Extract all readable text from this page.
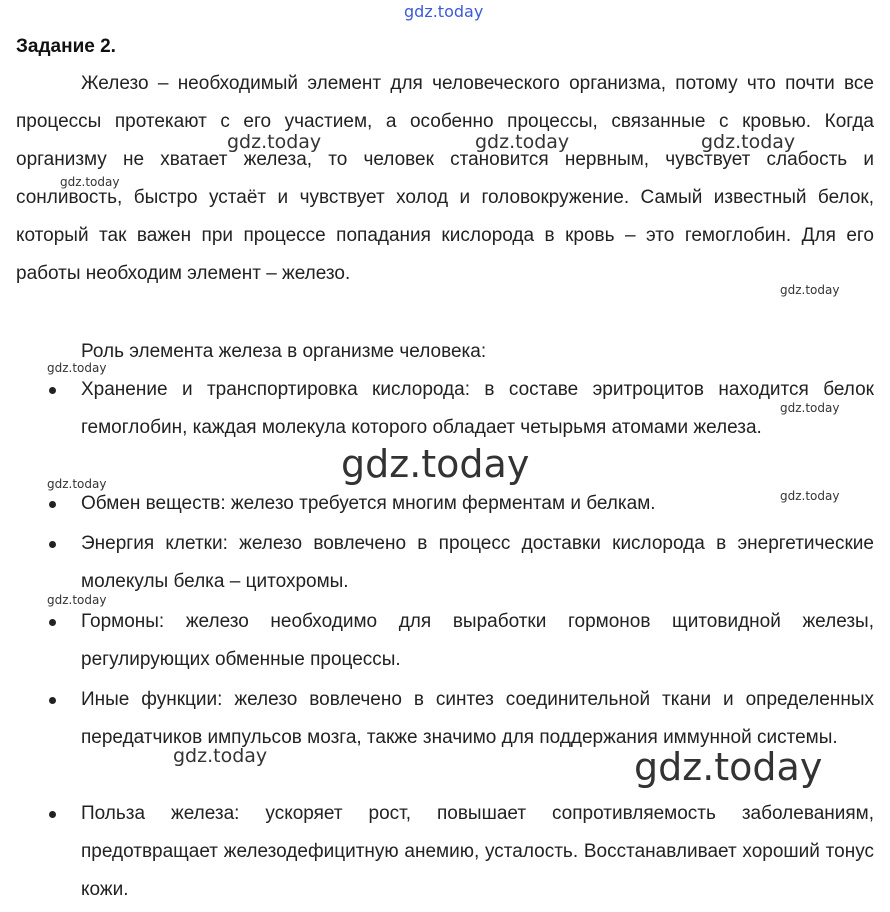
Задание 2.

Железо – необходимый элемент для человеческого организма, потому что почти все процессы протекают с его участием, а особенно процессы, связанные с кровью. Когда организму не хватает железа, то человек становится нервным, чувствует слабость и сонливость, быстро устаёт и чувствует холод и головокружение. Самый известный белок, который так важен при процессе попадания кислорода в кровь – это гемоглобин. Для его работы необходим элемент – железо.

Роль элемента железа в организме человека:
Хранение и транспортировка кислорода: в составе эритроцитов находится белок гемоглобин, каждая молекула которого обладает четырьмя атомами железа.
Обмен веществ: железо требуется многим ферментам и белкам.
Энергия клетки: железо вовлечено в процесс доставки кислорода в энергетические молекулы белка – цитохромы.
Гормоны: железо необходимо для выработки гормонов щитовидной железы, регулирующих обменные процессы.
Иные функции: железо вовлечено в синтез соединительной ткани и определенных передатчиков импульсов мозга, также значимо для поддержания иммунной системы.
Польза железа: ускоряет рост, повышает сопротивляемость заболеваниям, предотвращает железодефицитную анемию, усталость. Восстанавливает хороший тонус кожи.
gdz.today
gdz.today	gdz.today	gdz.today
gdz.today
gdz.today
gdz.today
gdz.today
gdz.today
gdz.today
gdz.today
gdz.today
gdz.today	gdz.today
